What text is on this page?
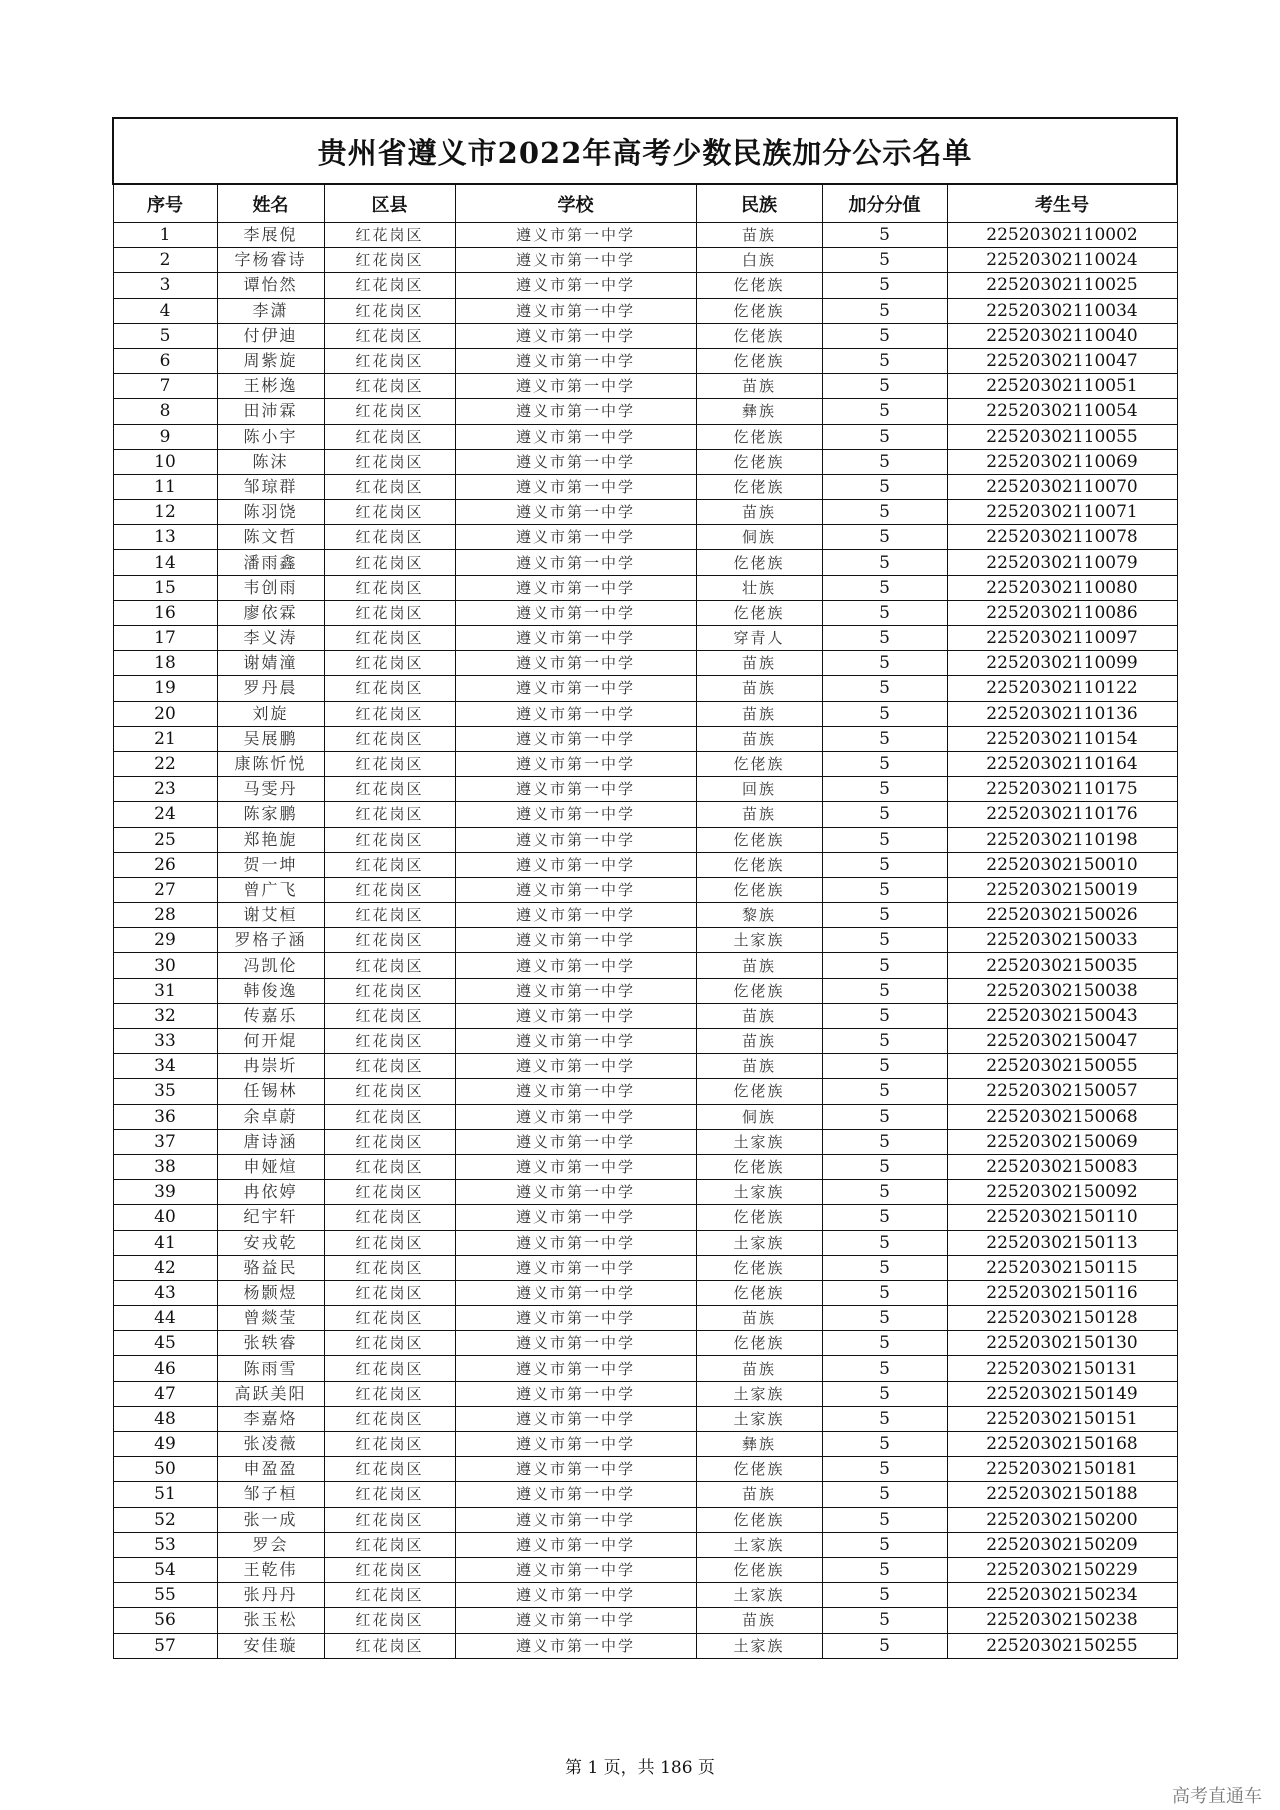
贵州省遵义市2022年高考少数民族加分公示名单						
序号	姓名	区县	学校	民族	加分分值	考生号
1	李展倪	红花岗区	遵义市第一中学	苗族	5	22520302110002
2	字杨睿诗	红花岗区	遵义市第一中学	白族	5	22520302110024
3	谭怡然	红花岗区	遵义市第一中学	仡佬族	5	22520302110025
4	李潇	红花岗区	遵义市第一中学	仡佬族	5	22520302110034
5	付伊迪	红花岗区	遵义市第一中学	仡佬族	5	22520302110040
6	周紫旋	红花岗区	遵义市第一中学	仡佬族	5	22520302110047
7	王彬逸	红花岗区	遵义市第一中学	苗族	5	22520302110051
8	田沛霖	红花岗区	遵义市第一中学	彝族	5	22520302110054
9	陈小宇	红花岗区	遵义市第一中学	仡佬族	5	22520302110055
10	陈沫	红花岗区	遵义市第一中学	仡佬族	5	22520302110069
11	邹琼群	红花岗区	遵义市第一中学	仡佬族	5	22520302110070
12	陈羽饶	红花岗区	遵义市第一中学	苗族	5	22520302110071
13	陈文哲	红花岗区	遵义市第一中学	侗族	5	22520302110078
14	潘雨鑫	红花岗区	遵义市第一中学	仡佬族	5	22520302110079
15	韦创雨	红花岗区	遵义市第一中学	壮族	5	22520302110080
16	廖依霖	红花岗区	遵义市第一中学	仡佬族	5	22520302110086
17	李义涛	红花岗区	遵义市第一中学	穿青人	5	22520302110097
18	谢婧潼	红花岗区	遵义市第一中学	苗族	5	22520302110099
19	罗丹晨	红花岗区	遵义市第一中学	苗族	5	22520302110122
20	刘旋	红花岗区	遵义市第一中学	苗族	5	22520302110136
21	吴展鹏	红花岗区	遵义市第一中学	苗族	5	22520302110154
22	康陈忻悦	红花岗区	遵义市第一中学	仡佬族	5	22520302110164
23	马雯丹	红花岗区	遵义市第一中学	回族	5	22520302110175
24	陈家鹏	红花岗区	遵义市第一中学	苗族	5	22520302110176
25	郑艳旎	红花岗区	遵义市第一中学	仡佬族	5	22520302110198
26	贺一坤	红花岗区	遵义市第一中学	仡佬族	5	22520302150010
27	曾广飞	红花岗区	遵义市第一中学	仡佬族	5	22520302150019
28	谢艾桓	红花岗区	遵义市第一中学	黎族	5	22520302150026
29	罗格子涵	红花岗区	遵义市第一中学	土家族	5	22520302150033
30	冯凯伦	红花岗区	遵义市第一中学	苗族	5	22520302150035
31	韩俊逸	红花岗区	遵义市第一中学	仡佬族	5	22520302150038
32	传嘉乐	红花岗区	遵义市第一中学	苗族	5	22520302150043
33	何开焜	红花岗区	遵义市第一中学	苗族	5	22520302150047
34	冉崇圻	红花岗区	遵义市第一中学	苗族	5	22520302150055
35	任锡林	红花岗区	遵义市第一中学	仡佬族	5	22520302150057
36	余卓蔚	红花岗区	遵义市第一中学	侗族	5	22520302150068
37	唐诗涵	红花岗区	遵义市第一中学	土家族	5	22520302150069
38	申娅煊	红花岗区	遵义市第一中学	仡佬族	5	22520302150083
39	冉依婷	红花岗区	遵义市第一中学	土家族	5	22520302150092
40	纪宇轩	红花岗区	遵义市第一中学	仡佬族	5	22520302150110
41	安戎乾	红花岗区	遵义市第一中学	土家族	5	22520302150113
42	骆益民	红花岗区	遵义市第一中学	仡佬族	5	22520302150115
43	杨颢煜	红花岗区	遵义市第一中学	仡佬族	5	22520302150116
44	曾燚莹	红花岗区	遵义市第一中学	苗族	5	22520302150128
45	张轶睿	红花岗区	遵义市第一中学	仡佬族	5	22520302150130
46	陈雨雪	红花岗区	遵义市第一中学	苗族	5	22520302150131
47	高跃美阳	红花岗区	遵义市第一中学	土家族	5	22520302150149
48	李嘉烙	红花岗区	遵义市第一中学	土家族	5	22520302150151
49	张凌薇	红花岗区	遵义市第一中学	彝族	5	22520302150168
50	申盈盈	红花岗区	遵义市第一中学	仡佬族	5	22520302150181
51	邹子桓	红花岗区	遵义市第一中学	苗族	5	22520302150188
52	张一成	红花岗区	遵义市第一中学	仡佬族	5	22520302150200
53	罗会	红花岗区	遵义市第一中学	土家族	5	22520302150209
54	王乾伟	红花岗区	遵义市第一中学	仡佬族	5	22520302150229
55	张丹丹	红花岗区	遵义市第一中学	土家族	5	22520302150234
56	张玉松	红花岗区	遵义市第一中学	苗族	5	22520302150238
57	安佳璇	红花岗区	遵义市第一中学	土家族	5	22520302150255
第 1 页，共 186 页
高考直通车
